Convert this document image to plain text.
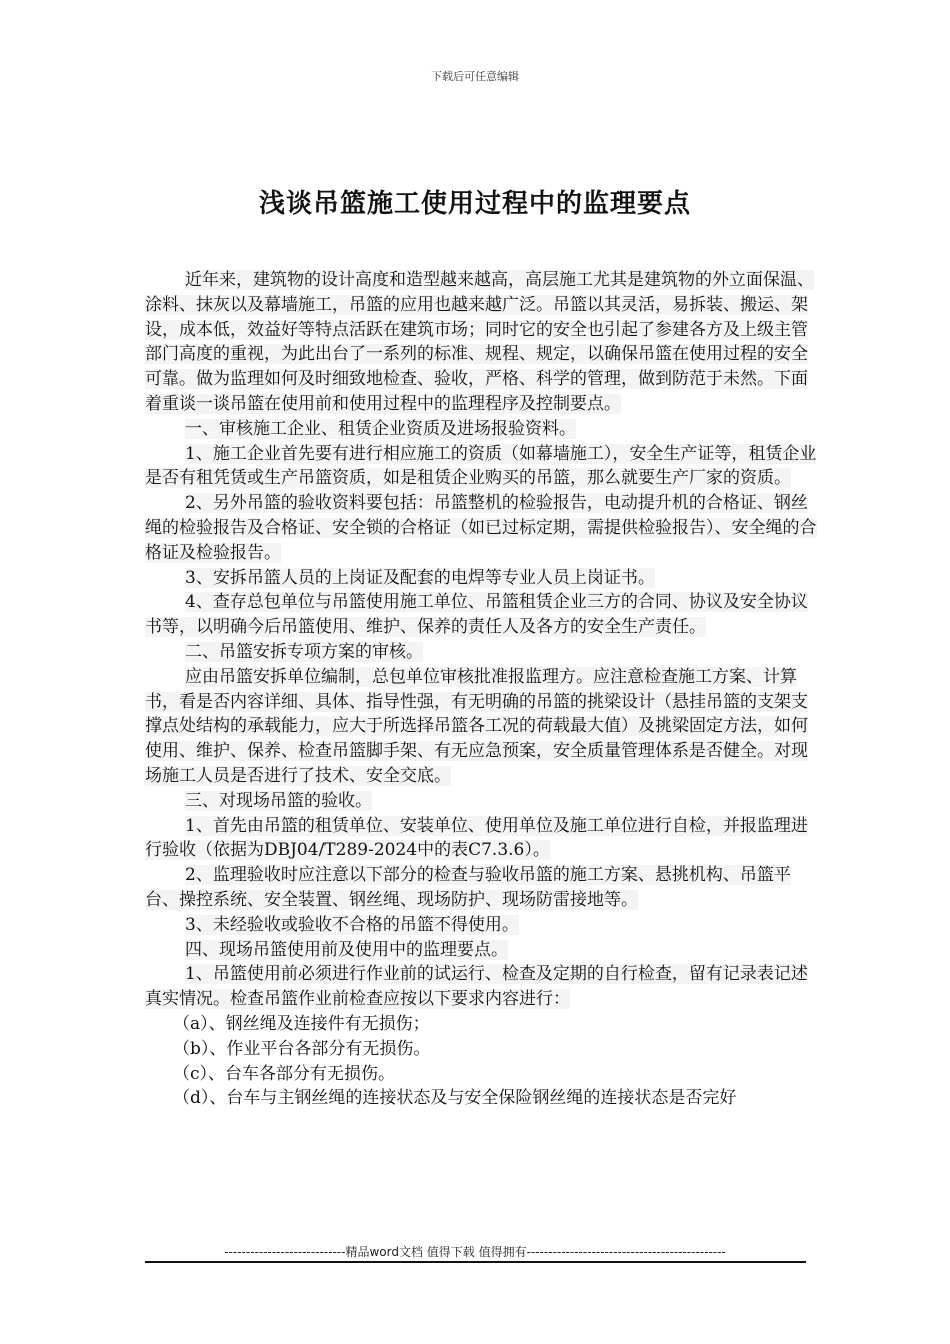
下载后可任意编辑
浅谈吊篮施工使用过程中的监理要点

近年来，建筑物的设计高度和造型越来越高，高层施工尤其是建筑物的外立面保温、涂料、抹灰以及幕墙施工，吊篮的应用也越来越广泛。吊篮以其灵活，易拆装、搬运、架设，成本低，效益好等特点活跃在建筑市场；同时它的安全也引起了参建各方及上级主管部门高度的重视，为此出台了一系列的标准、规程、规定，以确保吊篮在使用过程的安全可靠。做为监理如何及时细致地检查、验收，严格、科学的管理，做到防范于未然。下面着重谈一谈吊篮在使用前和使用过程中的监理程序及控制要点。

一、审核施工企业、租赁企业资质及进场报验资料。

1、施工企业首先要有进行相应施工的资质（如幕墙施工），安全生产证等，租赁企业是否有租凭赁或生产吊篮资质，如是租赁企业购买的吊篮，那么就要生产厂家的资质。

2、另外吊篮的验收资料要包括：吊篮整机的检验报告，电动提升机的合格证、钢丝绳的检验报告及合格证、安全锁的合格证（如已过标定期，需提供检验报告）、安全绳的合格证及检验报告。

3、安拆吊篮人员的上岗证及配套的电焊等专业人员上岗证书。

4、查存总包单位与吊篮使用施工单位、吊篮租赁企业三方的合同、协议及安全协议书等，以明确今后吊篮使用、维护、保养的责任人及各方的安全生产责任。

二、吊篮安拆专项方案的审核。

应由吊篮安拆单位编制，总包单位审核批准报监理方。应注意检查施工方案、计算书，看是否内容详细、具体、指导性强，有无明确的吊篮的挑梁设计（悬挂吊篮的支架支撑点处结构的承载能力，应大于所选择吊篮各工况的荷载最大值）及挑梁固定方法，如何使用、维护、保养、检查吊篮脚手架、有无应急预案，安全质量管理体系是否健全。对现场施工人员是否进行了技术、安全交底。

三、对现场吊篮的验收。

1、首先由吊篮的租赁单位、安装单位、使用单位及施工单位进行自检，并报监理进行验收（依据为DBJ04/T289-2024中的表C7.3.6）。

2、监理验收时应注意以下部分的检查与验收吊篮的施工方案、悬挑机构、吊篮平台、操控系统、安全装置、钢丝绳、现场防护、现场防雷接地等。

3、未经验收或验收不合格的吊篮不得使用。

四、现场吊篮使用前及使用中的监理要点。

1、吊篮使用前必须进行作业前的试运行、检查及定期的自行检查，留有记录表记述真实情况。检查吊篮作业前检查应按以下要求内容进行：

（a）、钢丝绳及连接件有无损伤；

（b）、作业平台各部分有无损伤。

（c）、台车各部分有无损伤。

（d）、台车与主钢丝绳的连接状态及与安全保险钢丝绳的连接状态是否完好

----------------------------精品word文档 值得下载 值得拥有----------------------------------------------
